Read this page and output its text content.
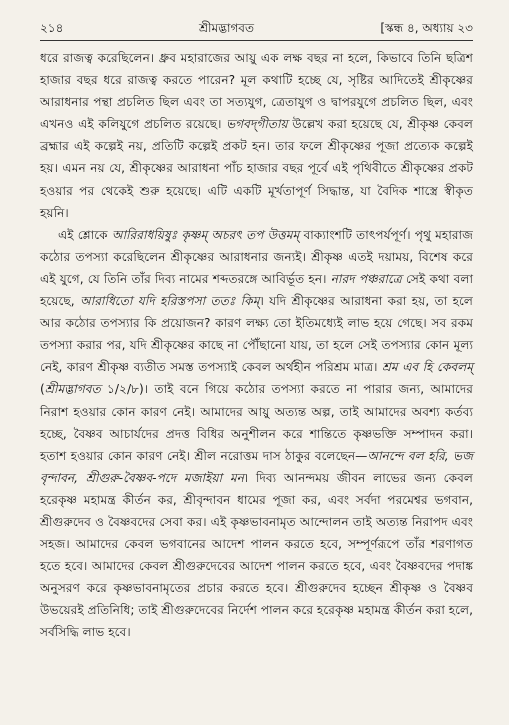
২১৪	শ্রীমদ্ভাগবত	[স্কন্ধ ৪, অধ্যায় ২৩

ধরে রাজত্ব করেছিলেন। ধ্রুব মহারাজের আয়ু এক লক্ষ বছর না হলে, কিভাবে তিনি ছত্রিশ হাজার বছর ধরে রাজত্ব করতে পারেন? মূল কথাটি হচ্ছে যে, সৃষ্টির আদিতেই শ্রীকৃষ্ণের আরাধনার পন্থা প্রচলিত ছিল এবং তা সত্যযুগ, ত্রেতাযুগ ও দ্বাপরযুগে প্রচলিত ছিল, এবং এখনও এই কলিযুগে প্রচলিত রয়েছে। ভগবদ্‌গীতায় উল্লেখ করা হয়েছে যে, শ্রীকৃষ্ণ কেবল ব্রহ্মার এই কল্পেই নয়, প্রতিটি কল্পেই প্রকট হন। তার ফলে শ্রীকৃষ্ণের পূজা প্রত্যেক কল্পেই হয়। এমন নয় যে, শ্রীকৃষ্ণের আরাধনা পাঁচ হাজার বছর পূর্বে এই পৃথিবীতে শ্রীকৃষ্ণের প্রকট হওয়ার পর থেকেই শুরু হয়েছে। এটি একটি মূর্খতাপূর্ণ সিদ্ধান্ত, যা বৈদিক শাস্ত্রে স্বীকৃত হয়নি।

এই শ্লোকে আরিরাধয়িষুঃ কৃষ্ণম্ অচরৎ তপ উত্তমম্‌ বাক্যাংশটি তাৎপর্যপূর্ণ। পৃথু মহারাজ কঠোর তপস্যা করেছিলেন শ্রীকৃষ্ণের আরাধনার জন্যই। শ্রীকৃষ্ণ এতই দয়াময়, বিশেষ করে এই যুগে, যে তিনি তাঁর দিব্য নামের শব্দতরঙ্গে আবির্ভূত হন। নারদ পঞ্চরাত্রে সেই কথা বলা হয়েছে, আরাধিতো যদি হরিস্তপসা ততঃ কিম্। যদি শ্রীকৃষ্ণের আরাধনা করা হয়, তা হলে আর কঠোর তপস্যার কি প্রয়োজন? কারণ লক্ষ্য তো ইতিমধ্যেই লাভ হয়ে গেছে। সব রকম তপস্যা করার পর, যদি শ্রীকৃষ্ণের কাছে না পৌঁছানো যায়, তা হলে সেই তপস্যার কোন মূল্য নেই, কারণ শ্রীকৃষ্ণ ব্যতীত সমস্ত তপস্যাই কেবল অর্থহীন পরিশ্রম মাত্র। শ্রম এব হি কেবলম্ (শ্রীমদ্ভাগবত ১/২/৮)। তাই বনে গিয়ে কঠোর তপস্যা করতে না পারার জন্য, আমাদের নিরাশ হওয়ার কোন কারণ নেই। আমাদের আয়ু অত্যন্ত অল্প, তাই আমাদের অবশ্য কর্তব্য হচ্ছে, বৈষ্ণব আচার্যদের প্রদত্ত বিধির অনুশীলন করে শান্তিতে কৃষ্ণভক্তি সম্পাদন করা। হতাশ হওয়ার কোন কারণ নেই। শ্রীল নরোত্তম দাস ঠাকুর বলেছেন—আনন্দে বল হরি, ভজ বৃন্দাবন, শ্রীগুরু-বৈষ্ণব-পদে মজাইয়া মন। দিব্য আনন্দময় জীবন লাভের জন্য কেবল হরেকৃষ্ণ মহামন্ত্র কীর্তন কর, শ্রীবৃন্দাবন ধামের পূজা কর, এবং সর্বদা পরমেশ্বর ভগবান, শ্রীগুরুদেব ও বৈষ্ণবদের সেবা কর। এই কৃষ্ণভাবনামৃত আন্দোলন তাই অত্যন্ত নিরাপদ এবং সহজ। আমাদের কেবল ভগবানের আদেশ পালন করতে হবে, সম্পূর্ণরূপে তাঁর শরণাগত হতে হবে। আমাদের কেবল শ্রীগুরুদেবের আদেশ পালন করতে হবে, এবং বৈষ্ণবদের পদাঙ্ক অনুসরণ করে কৃষ্ণভাবনামৃতের প্রচার করতে হবে। শ্রীগুরুদেব হচ্ছেন শ্রীকৃষ্ণ ও বৈষ্ণব উভয়েরই প্রতিনিধি; তাই শ্রীগুরুদেবের নির্দেশ পালন করে হরেকৃষ্ণ মহামন্ত্র কীর্তন করা হলে, সর্বসিদ্ধি লাভ হবে।
